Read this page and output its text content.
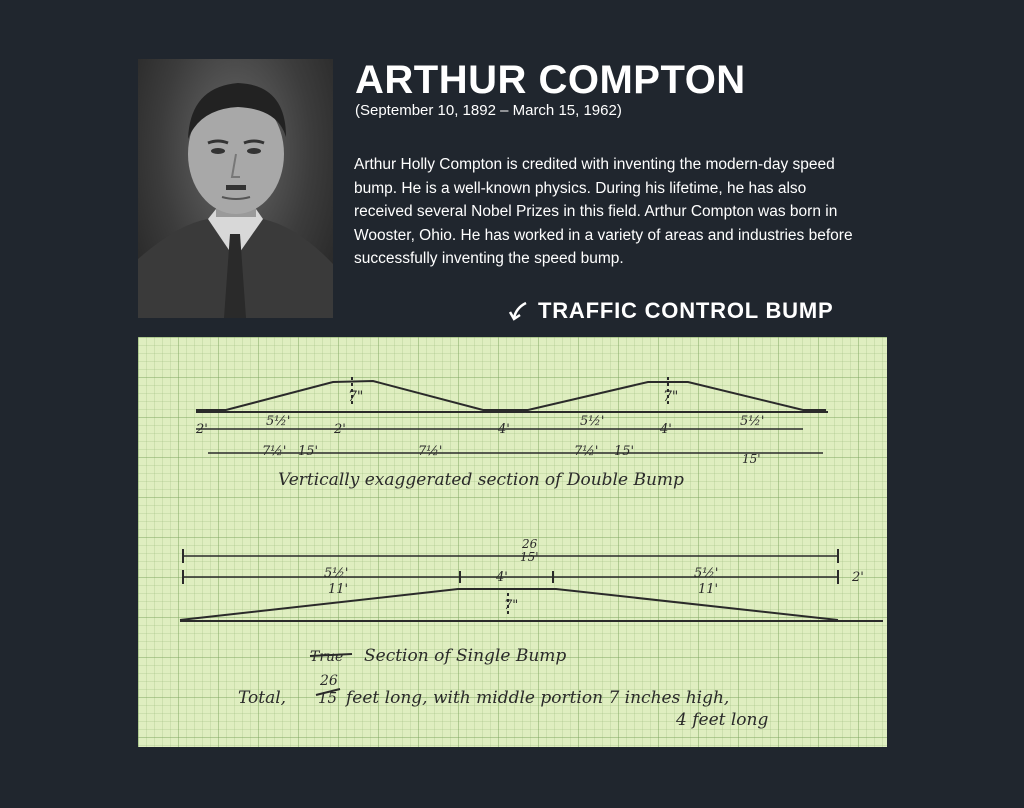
ARTHUR COMPTON
(September 10, 1892 – March 15, 1962)
Arthur Holly Compton is credited with inventing the modern-day speed bump. He is a well-known physics. During his lifetime, he has also received several Nobel Prizes in this field. Arthur Compton was born in Wooster, Ohio. He has worked in a variety of areas and industries before successfully inventing the speed bump.
TRAFFIC CONTROL BUMP
7"	7"
2'
5½'
2'	4'
5½'
4'
5½'
7½' 15'	7½'	7½' 15'	15'
Vertically exaggerated section of Double Bump
26
15'
5½'
11'
4'	5½'
11'
2'
7"
True Section of Single Bump
26
Total, 15 feet long, with middle portion 7 inches high,
4 feet long
